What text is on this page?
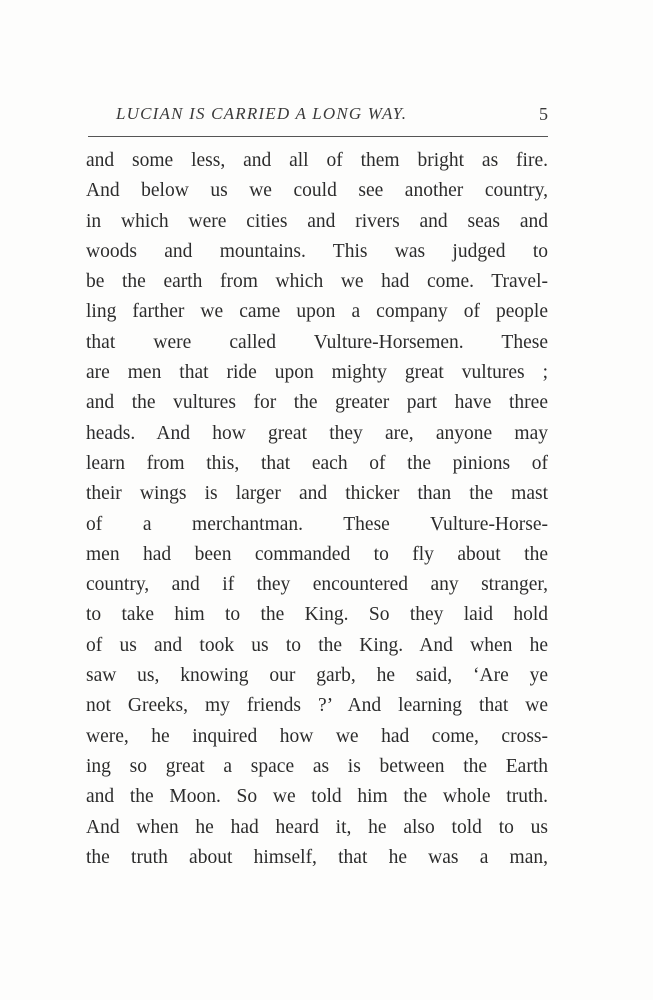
LUCIAN IS CARRIED A LONG WAY.	5
and some less, and all of them bright as fire.
And below us we could see another country,
in which were cities and rivers and seas and
woods and mountains. This was judged to
be the earth from which we had come. Travel-
ling farther we came upon a company of people
that were called Vulture-Horsemen. These
are men that ride upon mighty great vultures ;
and the vultures for the greater part have three
heads. And how great they are, anyone may
learn from this, that each of the pinions of
their wings is larger and thicker than the mast
of a merchantman. These Vulture-Horse-
men had been commanded to fly about the
country, and if they encountered any stranger,
to take him to the King. So they laid hold
of us and took us to the King. And when he
saw us, knowing our garb, he said, ‘Are ye
not Greeks, my friends ?’ And learning that we
were, he inquired how we had come, cross-
ing so great a space as is between the Earth
and the Moon. So we told him the whole truth.
And when he had heard it, he also told to us
the truth about himself, that he was a man,
